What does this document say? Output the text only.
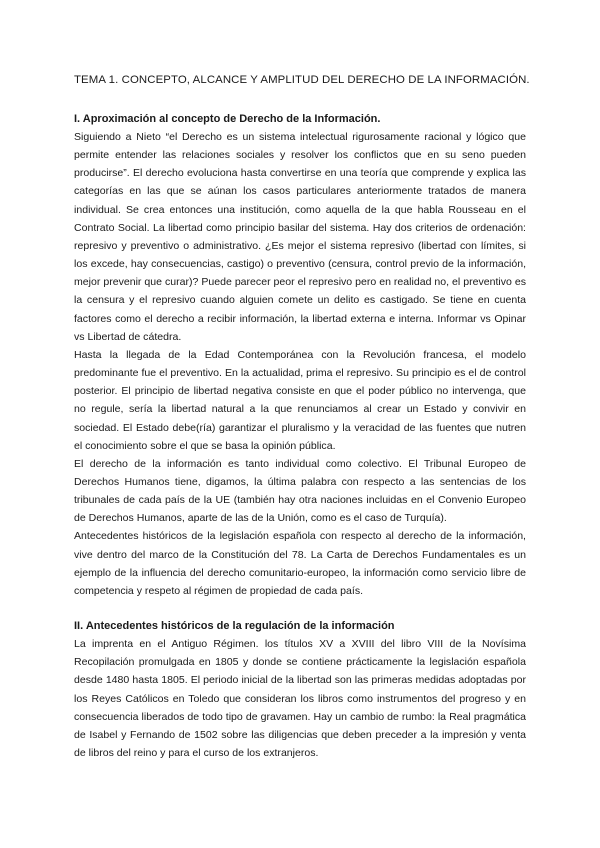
TEMA 1. CONCEPTO, ALCANCE Y AMPLITUD DEL DERECHO DE LA INFORMACIÓN.

I. Aproximación al concepto de Derecho de la Información.

Siguiendo a Nieto “el Derecho es un sistema intelectual rigurosamente racional y lógico que permite entender las relaciones sociales y resolver los conflictos que en su seno pueden producirse”. El derecho evoluciona hasta convertirse en una teoría que comprende y explica las categorías en las que se aúnan los casos particulares anteriormente tratados de manera individual. Se crea entonces una institución, como aquella de la que habla Rousseau en el Contrato Social. La libertad como principio basilar del sistema. Hay dos criterios de ordenación: represivo y preventivo o administrativo. ¿Es mejor el sistema represivo (libertad con límites, si los excede, hay consecuencias, castigo) o preventivo (censura, control previo de la información, mejor prevenir que curar)? Puede parecer peor el represivo pero en realidad no, el preventivo es la censura y el represivo cuando alguien comete un delito es castigado. Se tiene en cuenta factores como el derecho a recibir información, la libertad externa e interna. Informar vs Opinar vs Libertad de cátedra.

Hasta la llegada de la Edad Contemporánea con la Revolución francesa, el modelo predominante fue el preventivo. En la actualidad, prima el represivo. Su principio es el de control posterior. El principio de libertad negativa consiste en que el poder público no intervenga, que no regule, sería la libertad natural a la que renunciamos al crear un Estado y convivir en sociedad. El Estado debe(ría) garantizar el pluralismo y la veracidad de las fuentes que nutren el conocimiento sobre el que se basa la opinión pública.

El derecho de la información es tanto individual como colectivo. El Tribunal Europeo de Derechos Humanos tiene, digamos, la última palabra con respecto a las sentencias de los tribunales de cada país de la UE (también hay otra naciones incluidas en el Convenio Europeo de Derechos Humanos, aparte de las de la Unión, como es el caso de Turquía).

Antecedentes históricos de la legislación española con respecto al derecho de la información, vive dentro del marco de la Constitución del 78. La Carta de Derechos Fundamentales es un ejemplo de la influencia del derecho comunitario-europeo, la información como servicio libre de competencia y respeto al régimen de propiedad de cada país.

II. Antecedentes históricos de la regulación de la información

La imprenta en el Antiguo Régimen. los títulos XV a XVIII del libro VIII de la Novísima Recopilación promulgada en 1805 y donde se contiene prácticamente la legislación española desde 1480 hasta 1805. El periodo inicial de la libertad son las primeras medidas adoptadas por los Reyes Católicos en Toledo que consideran los libros como instrumentos del progreso y en consecuencia liberados de todo tipo de gravamen. Hay un cambio de rumbo: la Real pragmática de Isabel y Fernando de 1502 sobre las diligencias que deben preceder a la impresión y venta de libros del reino y para el curso de los extranjeros.
